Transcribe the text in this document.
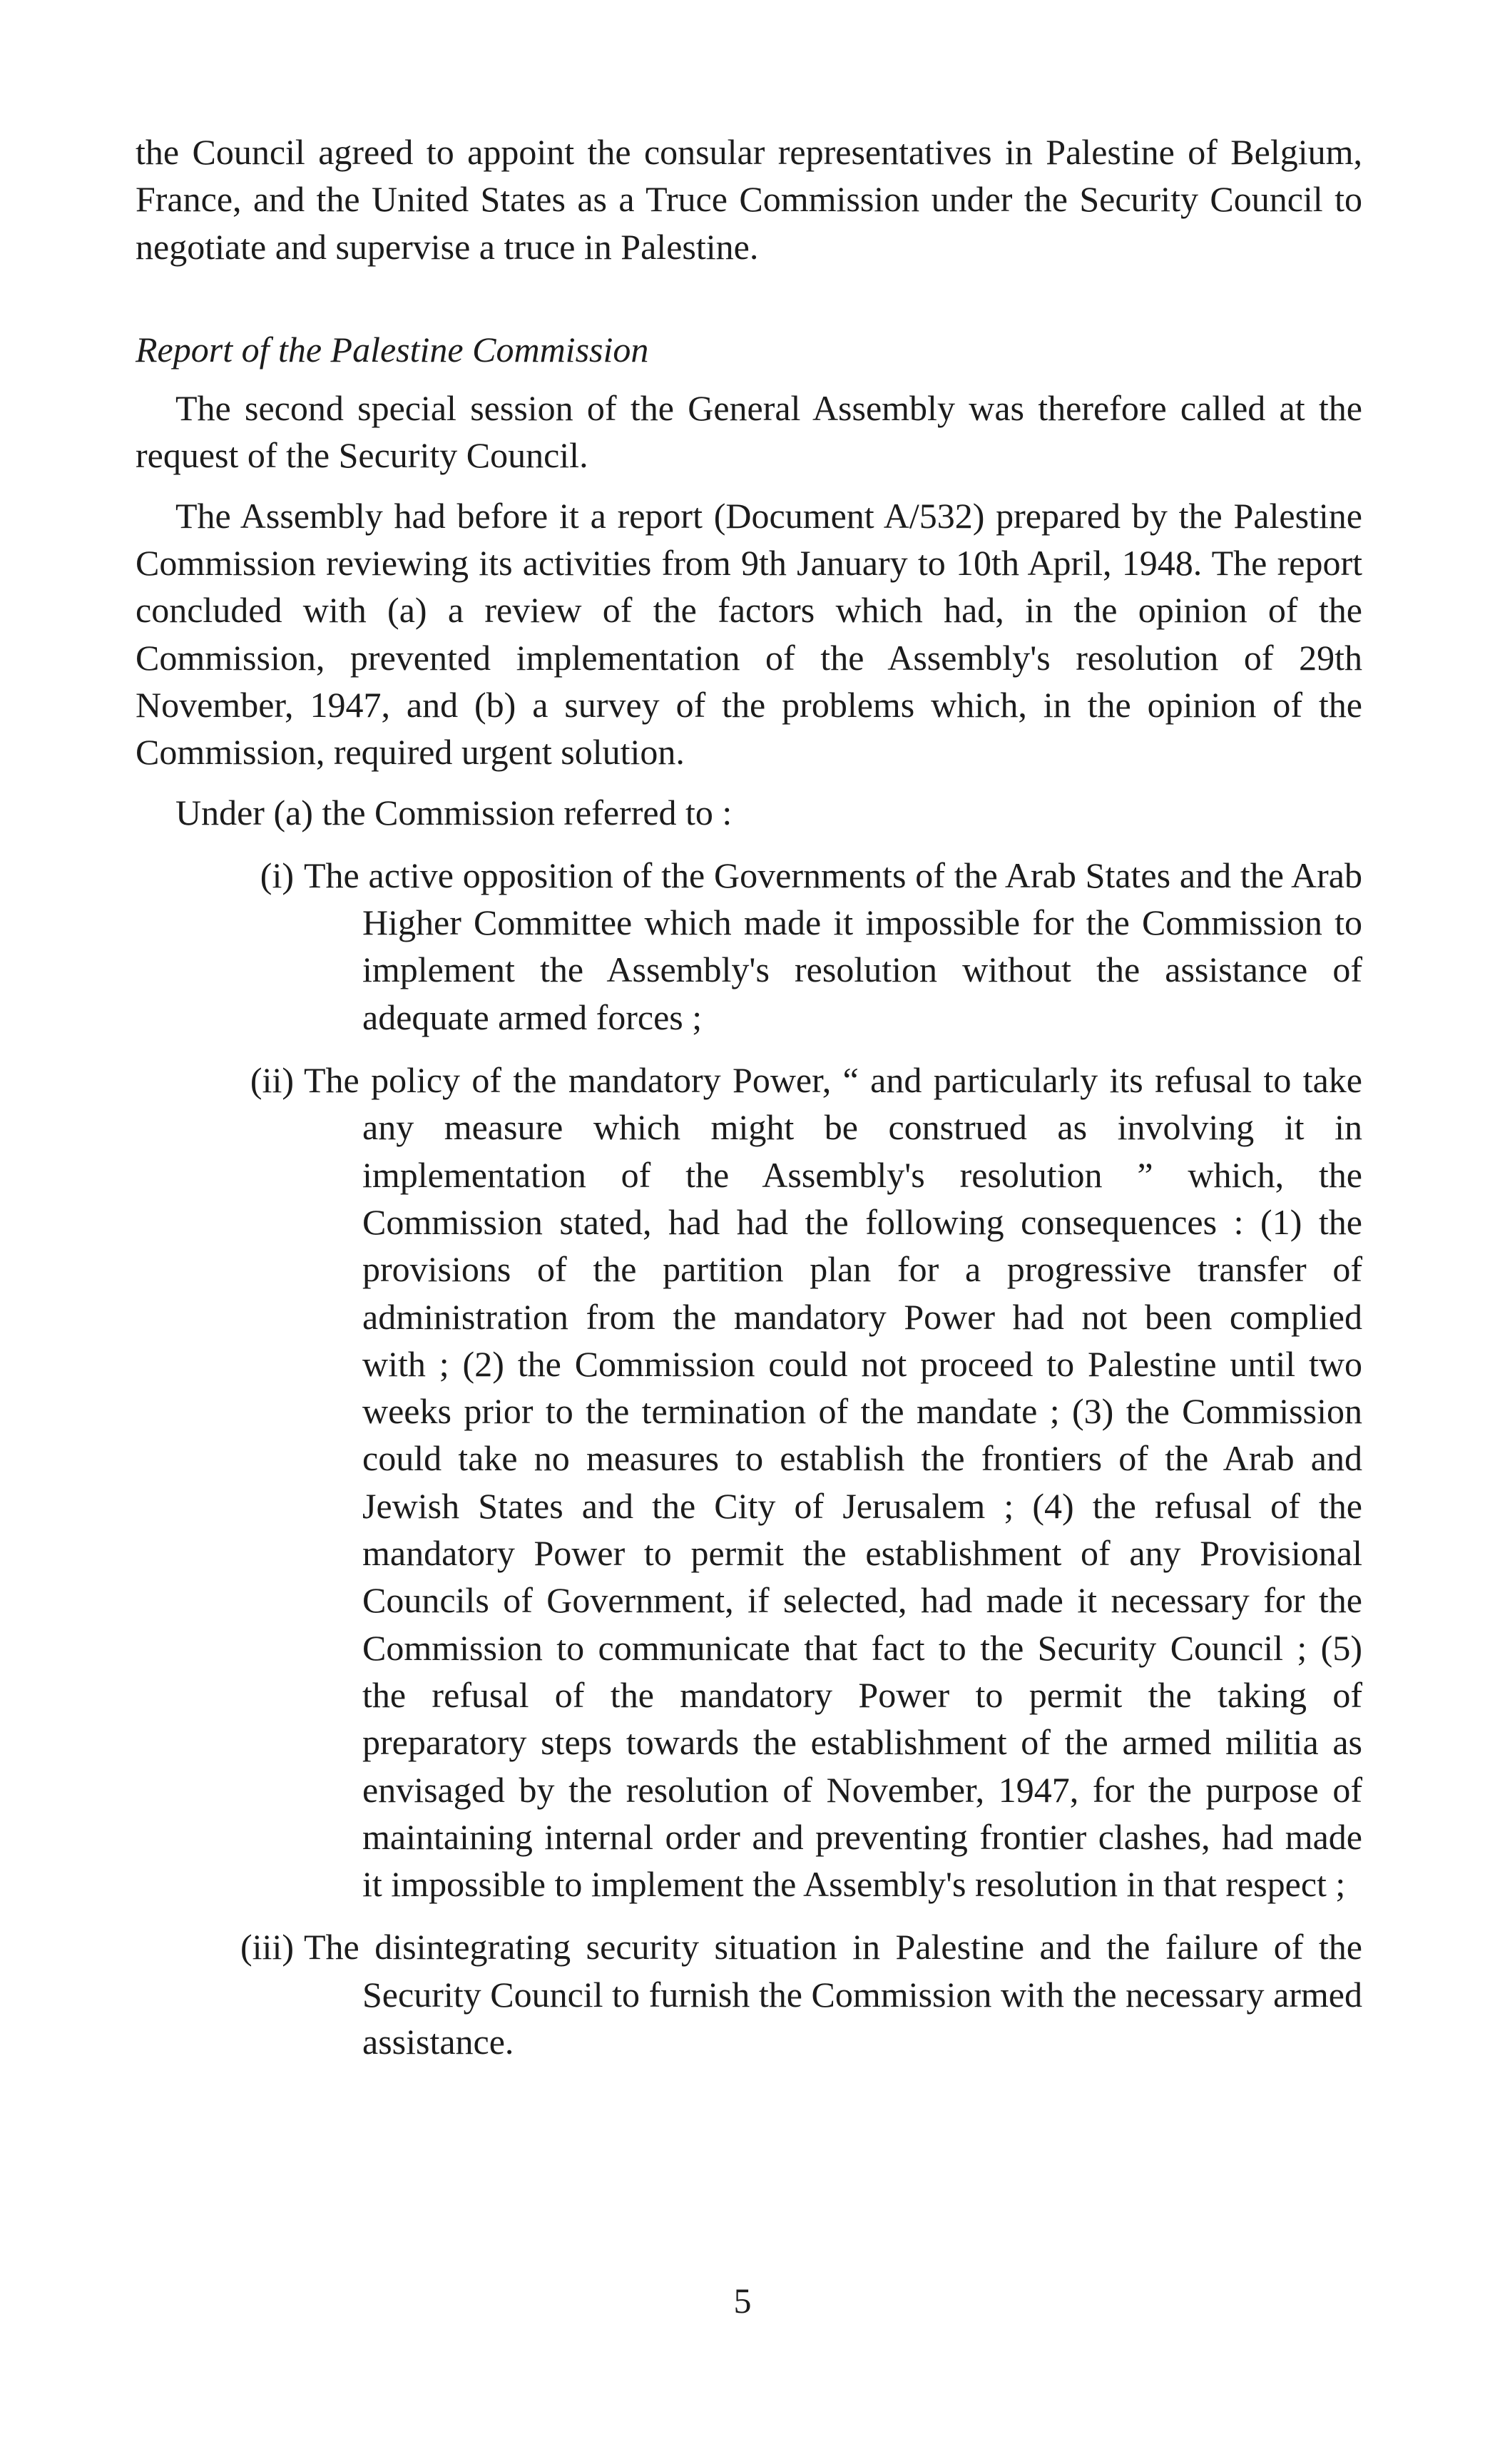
the Council agreed to appoint the consular representatives in Palestine of Belgium, France, and the United States as a Truce Commission under the Security Council to negotiate and supervise a truce in Palestine.

Report of the Palestine Commission

The second special session of the General Assembly was therefore called at the request of the Security Council.

The Assembly had before it a report (Document A/532) prepared by the Palestine Commission reviewing its activities from 9th January to 10th April, 1948. The report concluded with (a) a review of the factors which had, in the opinion of the Commission, prevented implementation of the Assembly's resolution of 29th November, 1947, and (b) a survey of the problems which, in the opinion of the Commission, required urgent solution.

Under (a) the Commission referred to :

(i) The active opposition of the Governments of the Arab States and the Arab Higher Committee which made it impossible for the Commission to implement the Assembly's resolution without the assistance of adequate armed forces ;
(ii) The policy of the mandatory Power, “ and particularly its refusal to take any measure which might be construed as involving it in implementation of the Assembly's resolution ” which, the Commission stated, had had the following consequences : (1) the provisions of the partition plan for a progressive transfer of administration from the mandatory Power had not been complied with ; (2) the Commission could not proceed to Palestine until two weeks prior to the termination of the mandate ; (3) the Commission could take no measures to establish the frontiers of the Arab and Jewish States and the City of Jerusalem ; (4) the refusal of the mandatory Power to permit the establishment of any Provisional Councils of Government, if selected, had made it necessary for the Commission to communicate that fact to the Security Council ; (5) the refusal of the mandatory Power to permit the taking of preparatory steps towards the establishment of the armed militia as envisaged by the resolution of November, 1947, for the purpose of maintaining internal order and preventing frontier clashes, had made it impossible to implement the Assembly's resolution in that respect ;
(iii) The disintegrating security situation in Palestine and the failure of the Security Council to furnish the Commission with the necessary armed assistance.
5
